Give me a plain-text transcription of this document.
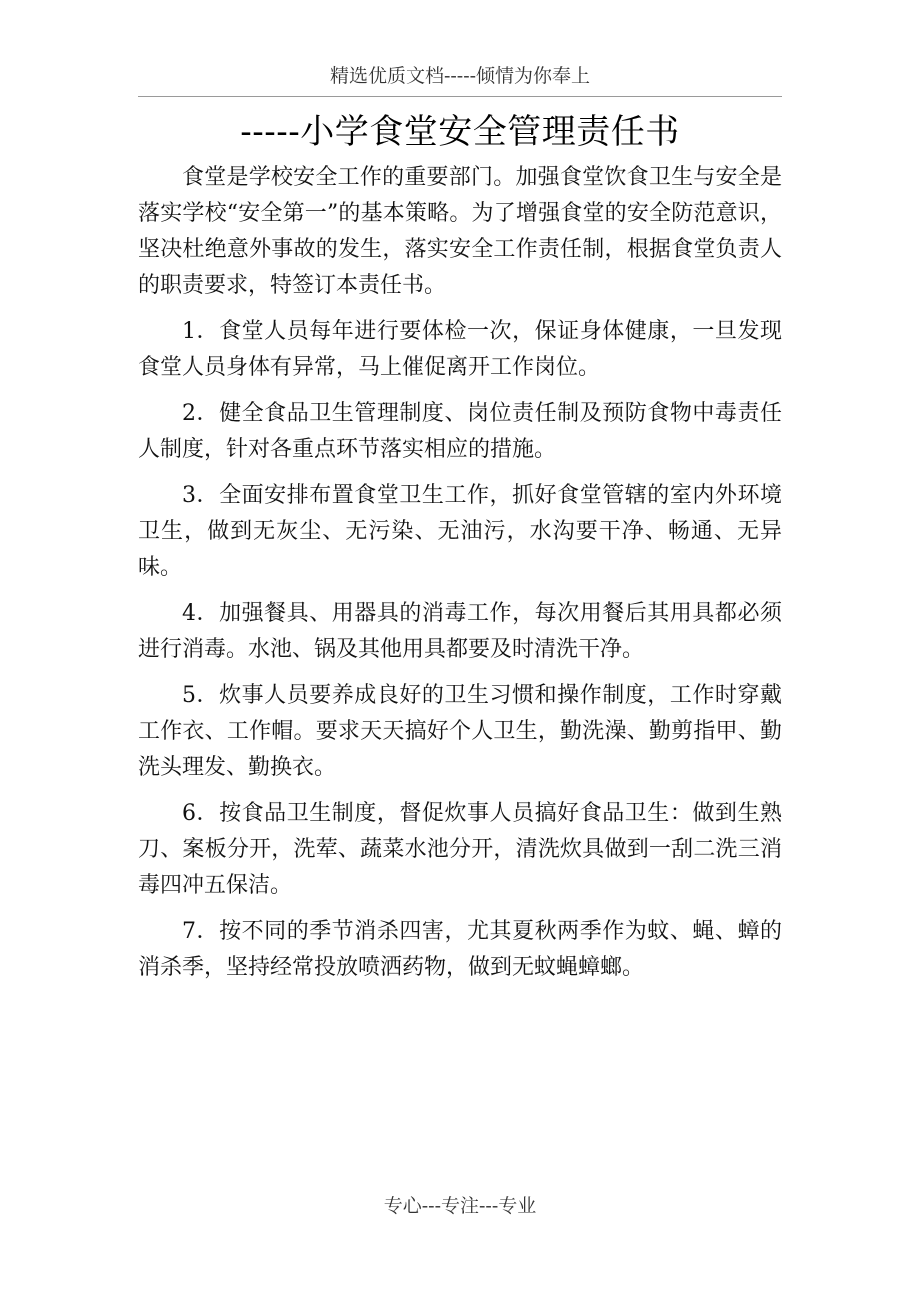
精选优质文档-----倾情为你奉上
-----小学食堂安全管理责任书

食堂是学校安全工作的重要部门。加强食堂饮食卫生与安全是落实学校“安全第一”的基本策略。为了增强食堂的安全防范意识，坚决杜绝意外事故的发生，落实安全工作责任制，根据食堂负责人的职责要求，特签订本责任书。

1．食堂人员每年进行要体检一次，保证身体健康，一旦发现食堂人员身体有异常，马上催促离开工作岗位。

2．健全食品卫生管理制度、岗位责任制及预防食物中毒责任人制度，针对各重点环节落实相应的措施。

3．全面安排布置食堂卫生工作，抓好食堂管辖的室内外环境卫生，做到无灰尘、无污染、无油污，水沟要干净、畅通、无异味。

4．加强餐具、用器具的消毒工作，每次用餐后其用具都必须进行消毒。水池、锅及其他用具都要及时清洗干净。

5．炊事人员要养成良好的卫生习惯和操作制度，工作时穿戴工作衣、工作帽。要求天天搞好个人卫生，勤洗澡、勤剪指甲、勤洗头理发、勤换衣。

6．按食品卫生制度，督促炊事人员搞好食品卫生：做到生熟刀、案板分开，洗荤、蔬菜水池分开，清洗炊具做到一刮二洗三消毒四冲五保洁。

7．按不同的季节消杀四害，尤其夏秋两季作为蚊、蝇、蟑的消杀季，坚持经常投放喷洒药物，做到无蚊蝇蟑螂。

专心---专注---专业
